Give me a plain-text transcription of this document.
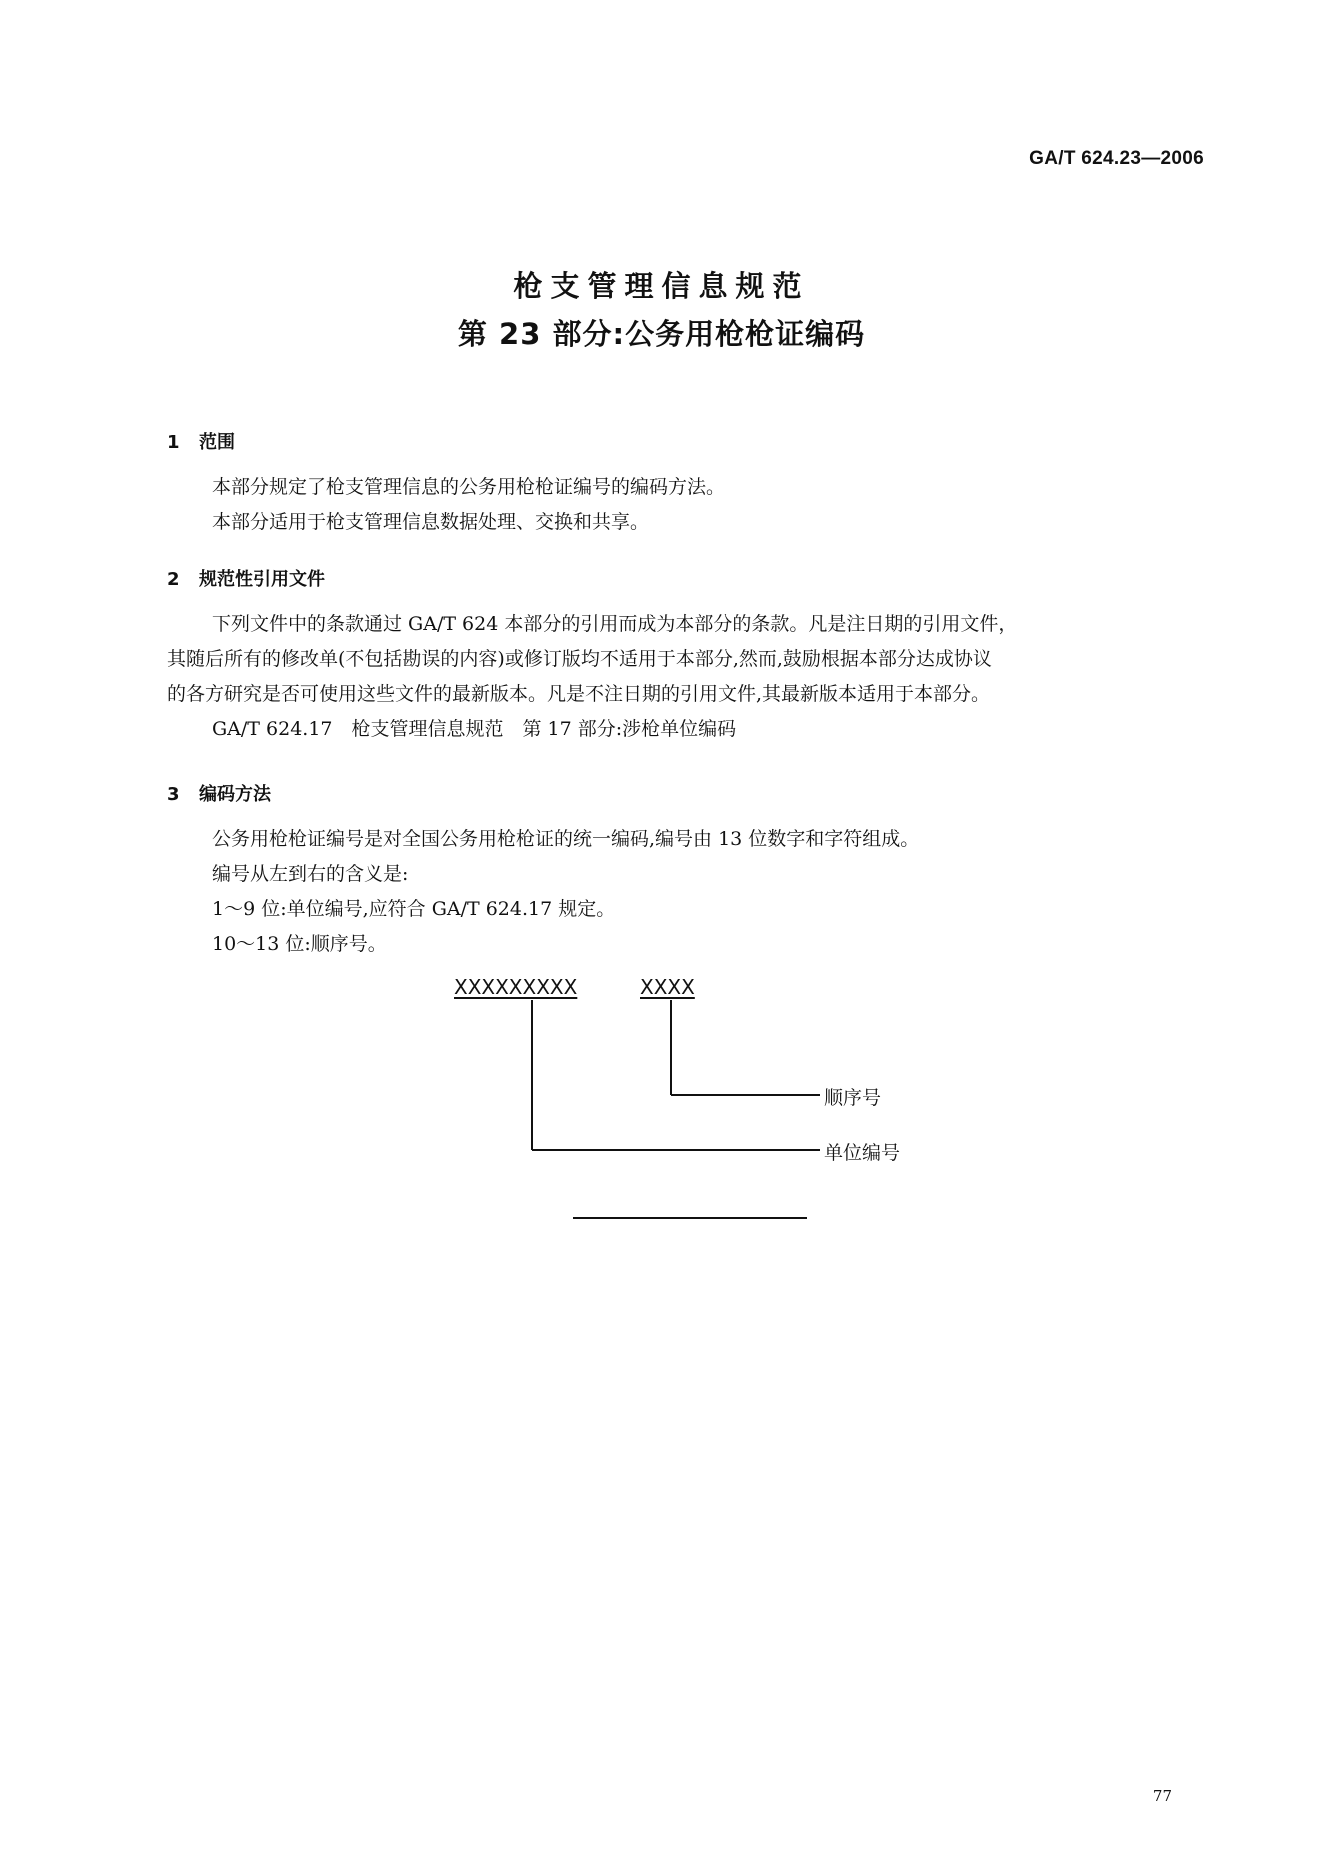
GA/T 624.23—2006
枪支管理信息规范
第 23 部分:公务用枪枪证编码
1 范围
本部分规定了枪支管理信息的公务用枪枪证编号的编码方法。
本部分适用于枪支管理信息数据处理、交换和共享。
2 规范性引用文件
下列文件中的条款通过 GA/T 624 本部分的引用而成为本部分的条款。凡是注日期的引用文件，
其随后所有的修改单(不包括勘误的内容)或修订版均不适用于本部分,然而,鼓励根据本部分达成协议
的各方研究是否可使用这些文件的最新版本。凡是不注日期的引用文件,其最新版本适用于本部分。
GA/T 624.17　枪支管理信息规范　第 17 部分:涉枪单位编码
3 编码方法
公务用枪枪证编号是对全国公务用枪枪证的统一编码,编号由 13 位数字和字符组成。
编号从左到右的含义是:
1～9 位:单位编号,应符合 GA/T 624.17 规定。
10～13 位:顺序号。
XXXXXXXXX	XXXX
顺序号
单位编号
77
